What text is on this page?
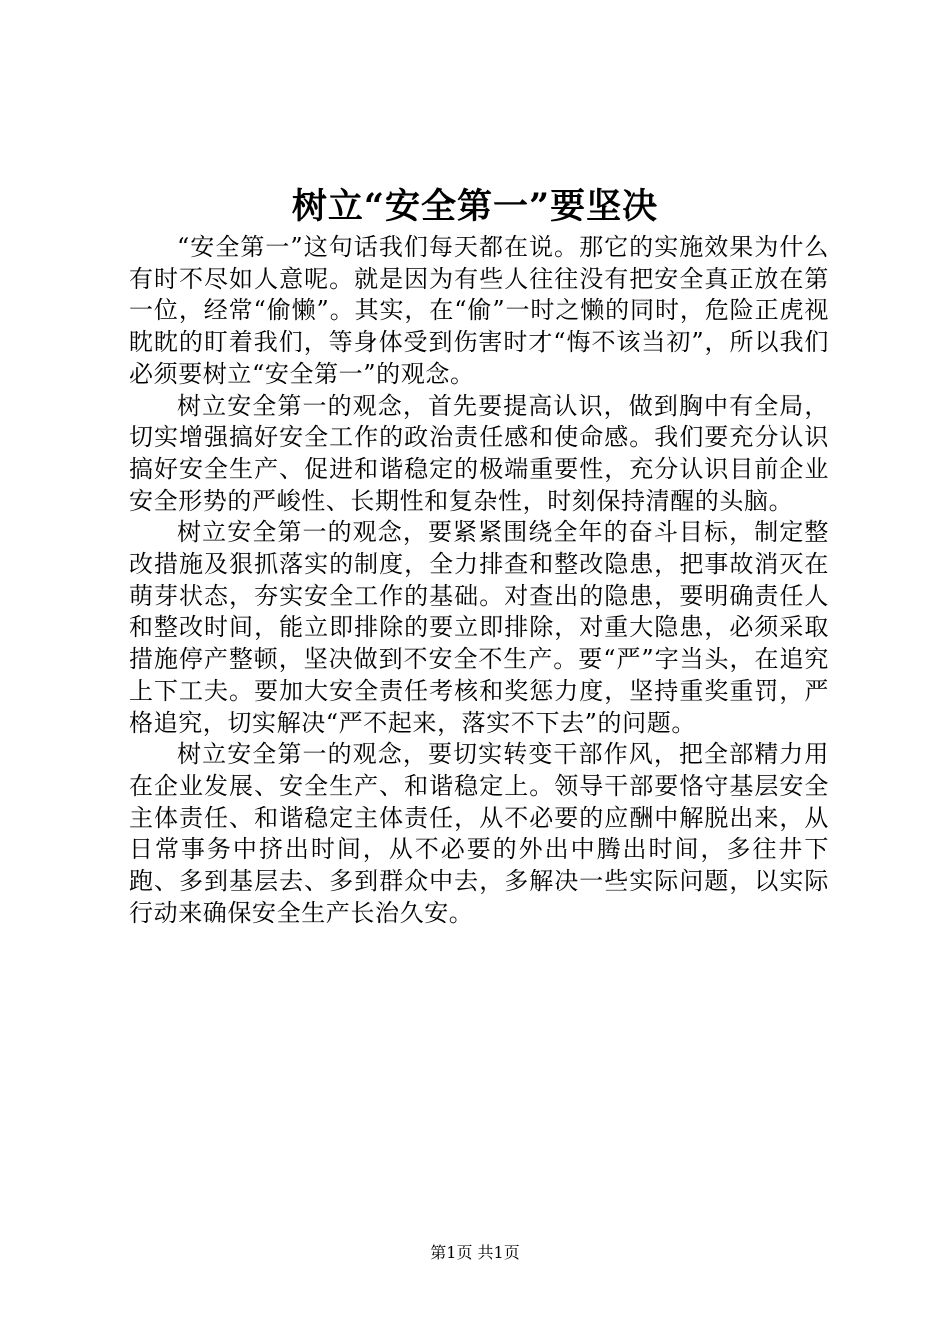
树立“安全第一”要坚决

“安全第一”这句话我们每天都在说。那它的实施效果为什么有时不尽如人意呢。就是因为有些人往往没有把安全真正放在第一位，经常“偷懒”。其实，在“偷”一时之懒的同时，危险正虎视眈眈的盯着我们，等身体受到伤害时才“悔不该当初”，所以我们必须要树立“安全第一”的观念。

树立安全第一的观念，首先要提高认识，做到胸中有全局，切实增强搞好安全工作的政治责任感和使命感。我们要充分认识搞好安全生产、促进和谐稳定的极端重要性，充分认识目前企业安全形势的严峻性、长期性和复杂性，时刻保持清醒的头脑。

树立安全第一的观念，要紧紧围绕全年的奋斗目标，制定整改措施及狠抓落实的制度，全力排查和整改隐患，把事故消灭在萌芽状态，夯实安全工作的基础。对查出的隐患，要明确责任人和整改时间，能立即排除的要立即排除，对重大隐患，必须采取措施停产整顿，坚决做到不安全不生产。要“严”字当头，在追究上下工夫。要加大安全责任考核和奖惩力度，坚持重奖重罚，严格追究，切实解决“严不起来，落实不下去”的问题。

树立安全第一的观念，要切实转变干部作风，把全部精力用在企业发展、安全生产、和谐稳定上。领导干部要恪守基层安全主体责任、和谐稳定主体责任，从不必要的应酬中解脱出来，从日常事务中挤出时间，从不必要的外出中腾出时间，多往井下跑、多到基层去、多到群众中去，多解决一些实际问题，以实际行动来确保安全生产长治久安。

第1页 共1页
